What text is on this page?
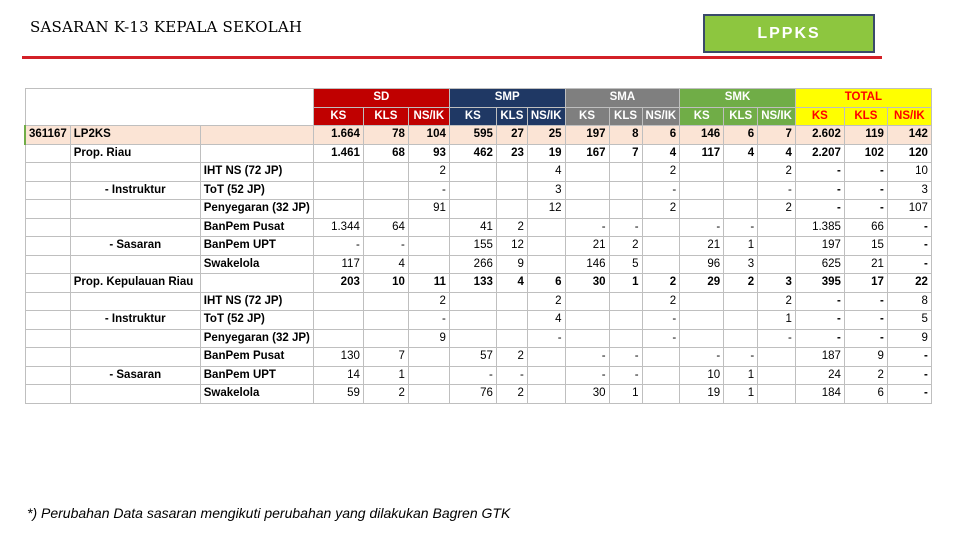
SASARAN K-13 KEPALA SEKOLAH	LPPKS
			SD			SMP			SMA			SMK			TOTAL		
			KS	KLS	NS/IK	KS	KLS	NS/IK	KS	KLS	NS/IK	KS	KLS	NS/IK	KS	KLS	NS/IK
361167	LP2KS		1.664	78	104	595	27	25	197	8	6	146	6	7	2.602	119	142
	Prop. Riau		1.461	68	93	462	23	19	167	7	4	117	4	4	2.207	102	120
		IHT NS (72 JP)			2			4			2			2	-	-	10
	- Instruktur	ToT (52 JP)			-			3			-			-	-	-	3
		Penyegaran (32 JP)			91			12			2			2	-	-	107
		BanPem Pusat	1.344	64		41	2		-	-		-	-		1.385	66	-
	- Sasaran	BanPem UPT	-	-		155	12		21	2		21	1		197	15	-
		Swakelola	117	4		266	9		146	5		96	3		625	21	-
	Prop. Kepulauan Riau		203	10	11	133	4	6	30	1	2	29	2	3	395	17	22
		IHT NS (72 JP)			2			2			2			2	-	-	8
	- Instruktur	ToT (52 JP)			-			4			-			1	-	-	5
		Penyegaran (32 JP)			9			-			-			-	-	-	9
		BanPem Pusat	130	7		57	2		-	-		-	-		187	9	-
	- Sasaran	BanPem UPT	14	1		-	-		-	-		10	1		24	2	-
		Swakelola	59	2		76	2		30	1		19	1		184	6	-
*) Perubahan Data sasaran mengikuti perubahan yang dilakukan Bagren GTK
